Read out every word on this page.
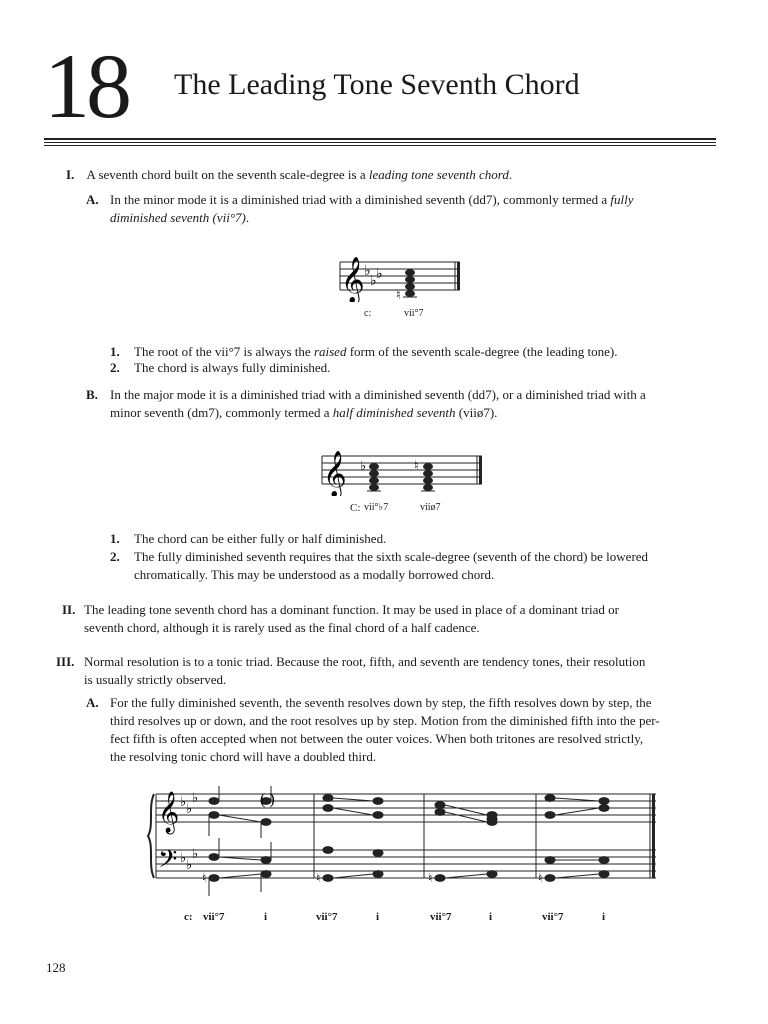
18 The Leading Tone Seventh Chord
I. A seventh chord built on the seventh scale-degree is a leading tone seventh chord.
A. In the minor mode it is a diminished triad with a diminished seventh (dd7), commonly termed a fully
diminished seventh (vii°7).
𝄞 ♭
♭ ♭
♮
c:	vii°7
1. The root of the vii°7 is always the raised form of the seventh scale-degree (the leading tone).
2. The chord is always fully diminished.
B. In the major mode it is a diminished triad with a diminished seventh (dd7), or a diminished triad with a
minor seventh (dm7), commonly termed a half diminished seventh (viiø7).
𝄞 ♭	♮
C: vii°♭7	viiø7
1. The chord can be either fully or half diminished.
2. The fully diminished seventh requires that the sixth scale-degree (seventh of the chord) be lowered
chromatically. This may be understood as a modally borrowed chord.
II. The leading tone seventh chord has a dominant function. It may be used in place of a dominant triad or
seventh chord, although it is rarely used as the final chord of a half cadence.
III. Normal resolution is to a tonic triad. Because the root, fifth, and seventh are tendency tones, their resolution
is usually strictly observed.
A. For the fully diminished seventh, the seventh resolves down by step, the fifth resolves down by step, the
third resolves up or down, and the root resolves up by step. Motion from the diminished fifth into the per-
fect fifth is often accepted when not between the outer voices. When both tritones are resolved strictly,
the resolving tonic chord will have a doubled third.
𝄞
𝄢
♭ ♭
♭
♭ ♭
♭
( )
♮	♮	♮	♮
c: vii°7	i	vii°7	i	vii°7	i	vii°7	i
128
